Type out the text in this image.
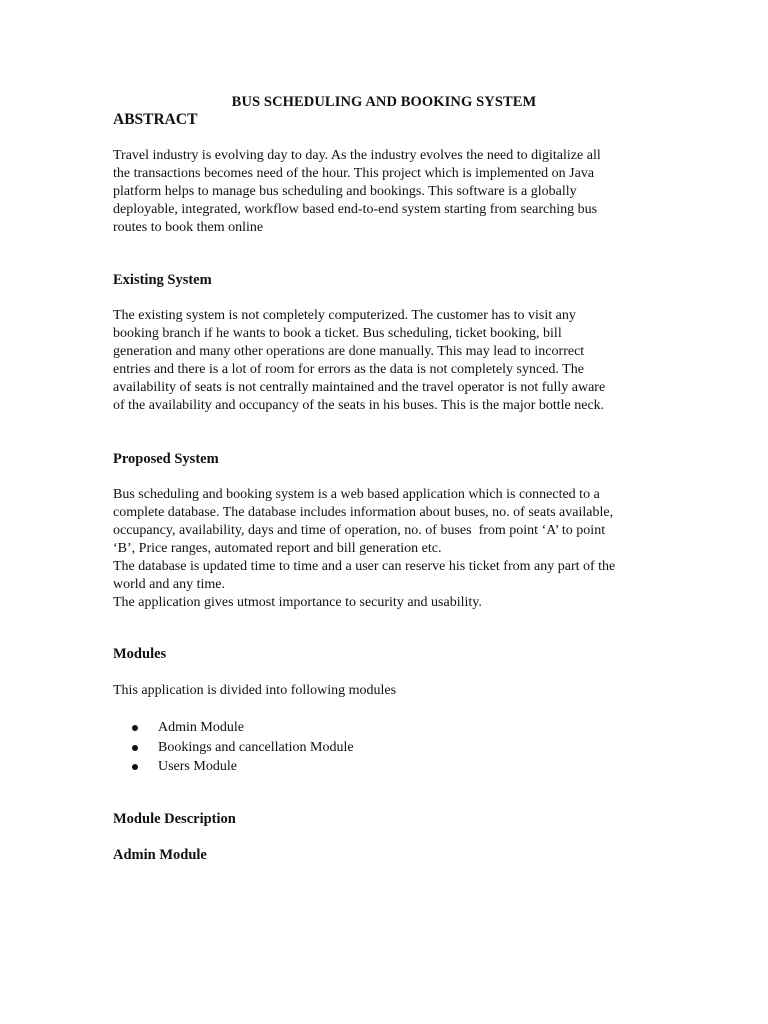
BUS SCHEDULING AND BOOKING SYSTEM
ABSTRACT
Travel industry is evolving day to day. As the industry evolves the need to digitalize all
the transactions becomes need of the hour. This project which is implemented on Java
platform helps to manage bus scheduling and bookings. This software is a globally
deployable, integrated, workflow based end-to-end system starting from searching bus
routes to book them online
Existing System
The existing system is not completely computerized. The customer has to visit any
booking branch if he wants to book a ticket. Bus scheduling, ticket booking, bill
generation and many other operations are done manually. This may lead to incorrect
entries and there is a lot of room for errors as the data is not completely synced. The
availability of seats is not centrally maintained and the travel operator is not fully aware
of the availability and occupancy of the seats in his buses. This is the major bottle neck.
Proposed System
Bus scheduling and booking system is a web based application which is connected to a
complete database. The database includes information about buses, no. of seats available,
occupancy, availability, days and time of operation, no. of buses  from point ‘A’ to point
‘B’, Price ranges, automated report and bill generation etc.
The database is updated time to time and a user can reserve his ticket from any part of the
world and any time.
The application gives utmost importance to security and usability.
Modules

This application is divided into following modules

Admin Module
Bookings and cancellation Module
Users Module
Module Description
Admin Module
